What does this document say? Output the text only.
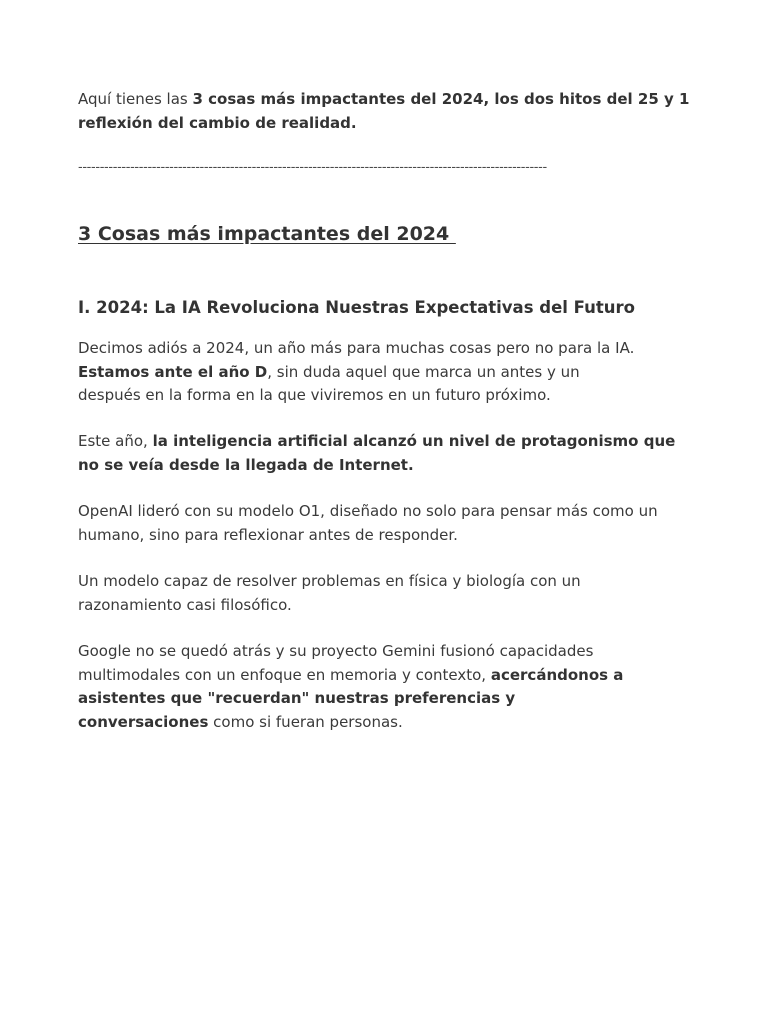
Aquí tienes las 3 cosas más impactantes del 2024, los dos hitos del 25 y 1 reflexión del cambio de realidad.

------------------------------------------------------------------------------------------------------------
3 Cosas más impactantes del 2024
I. 2024: La IA Revoluciona Nuestras Expectativas del Futuro

Decimos adiós a 2024, un año más para muchas cosas pero no para la IA. Estamos ante el año D, sin duda aquel que marca un antes y un después en la forma en la que viviremos en un futuro próximo.

Este año, la inteligencia artificial alcanzó un nivel de protagonismo que no se veía desde la llegada de Internet.

OpenAI lideró con su modelo O1, diseñado no solo para pensar más como un humano, sino para reflexionar antes de responder.

Un modelo capaz de resolver problemas en física y biología con un razonamiento casi filosófico.

Google no se quedó atrás y su proyecto Gemini fusionó capacidades multimodales con un enfoque en memoria y contexto, acercándonos a asistentes que "recuerdan" nuestras preferencias y conversaciones como si fueran personas.
